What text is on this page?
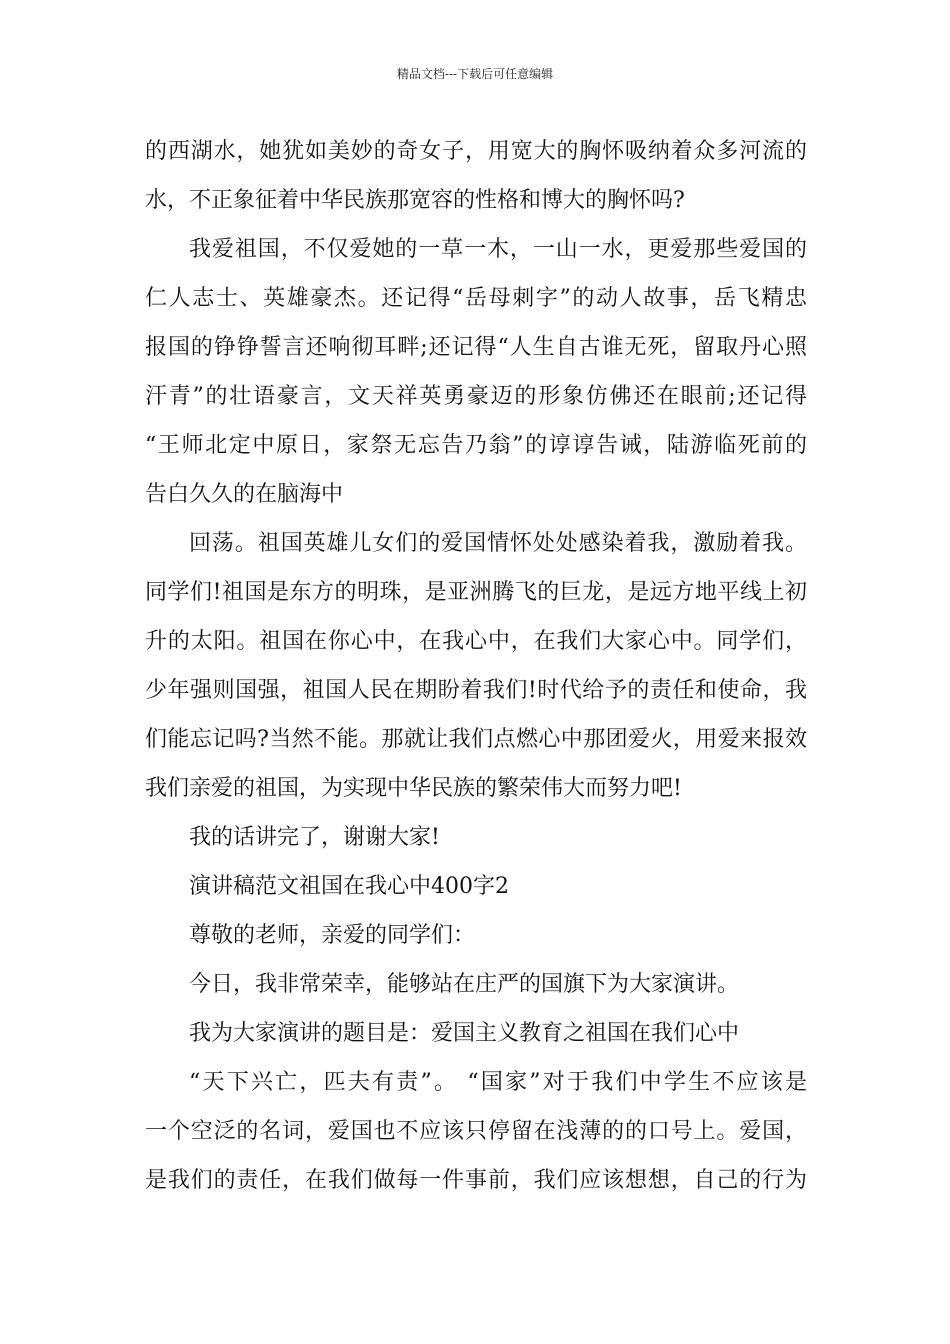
精品文档---下载后可任意编辑
的西湖水，她犹如美妙的奇女子，用宽大的胸怀吸纳着众多河流的
水，不正象征着中华民族那宽容的性格和博大的胸怀吗?
我爱祖国，不仅爱她的一草一木，一山一水，更爱那些爱国的
仁人志士、英雄豪杰。还记得“岳母刺字”的动人故事，岳飞精忠
报国的铮铮誓言还响彻耳畔;还记得“人生自古谁无死，留取丹心照
汗青”的壮语豪言，文天祥英勇豪迈的形象仿佛还在眼前;还记得
“王师北定中原日，家祭无忘告乃翁”的谆谆告诫，陆游临死前的
告白久久的在脑海中
回荡。祖国英雄儿女们的爱国情怀处处感染着我，激励着我。
同学们!祖国是东方的明珠，是亚洲腾飞的巨龙，是远方地平线上初
升的太阳。祖国在你心中，在我心中，在我们大家心中。同学们，
少年强则国强，祖国人民在期盼着我们!时代给予的责任和使命，我
们能忘记吗?当然不能。那就让我们点燃心中那团爱火，用爱来报效
我们亲爱的祖国，为实现中华民族的繁荣伟大而努力吧!
我的话讲完了，谢谢大家!
演讲稿范文祖国在我心中400字2
尊敬的老师，亲爱的同学们：
今日，我非常荣幸，能够站在庄严的国旗下为大家演讲。
我为大家演讲的题目是：爱国主义教育之祖国在我们心中
“天下兴亡，匹夫有责”。 “国家”对于我们中学生不应该是
一个空泛的名词，爱国也不应该只停留在浅薄的的口号上。爱国，
是我们的责任，在我们做每一件事前，我们应该想想，自己的行为
